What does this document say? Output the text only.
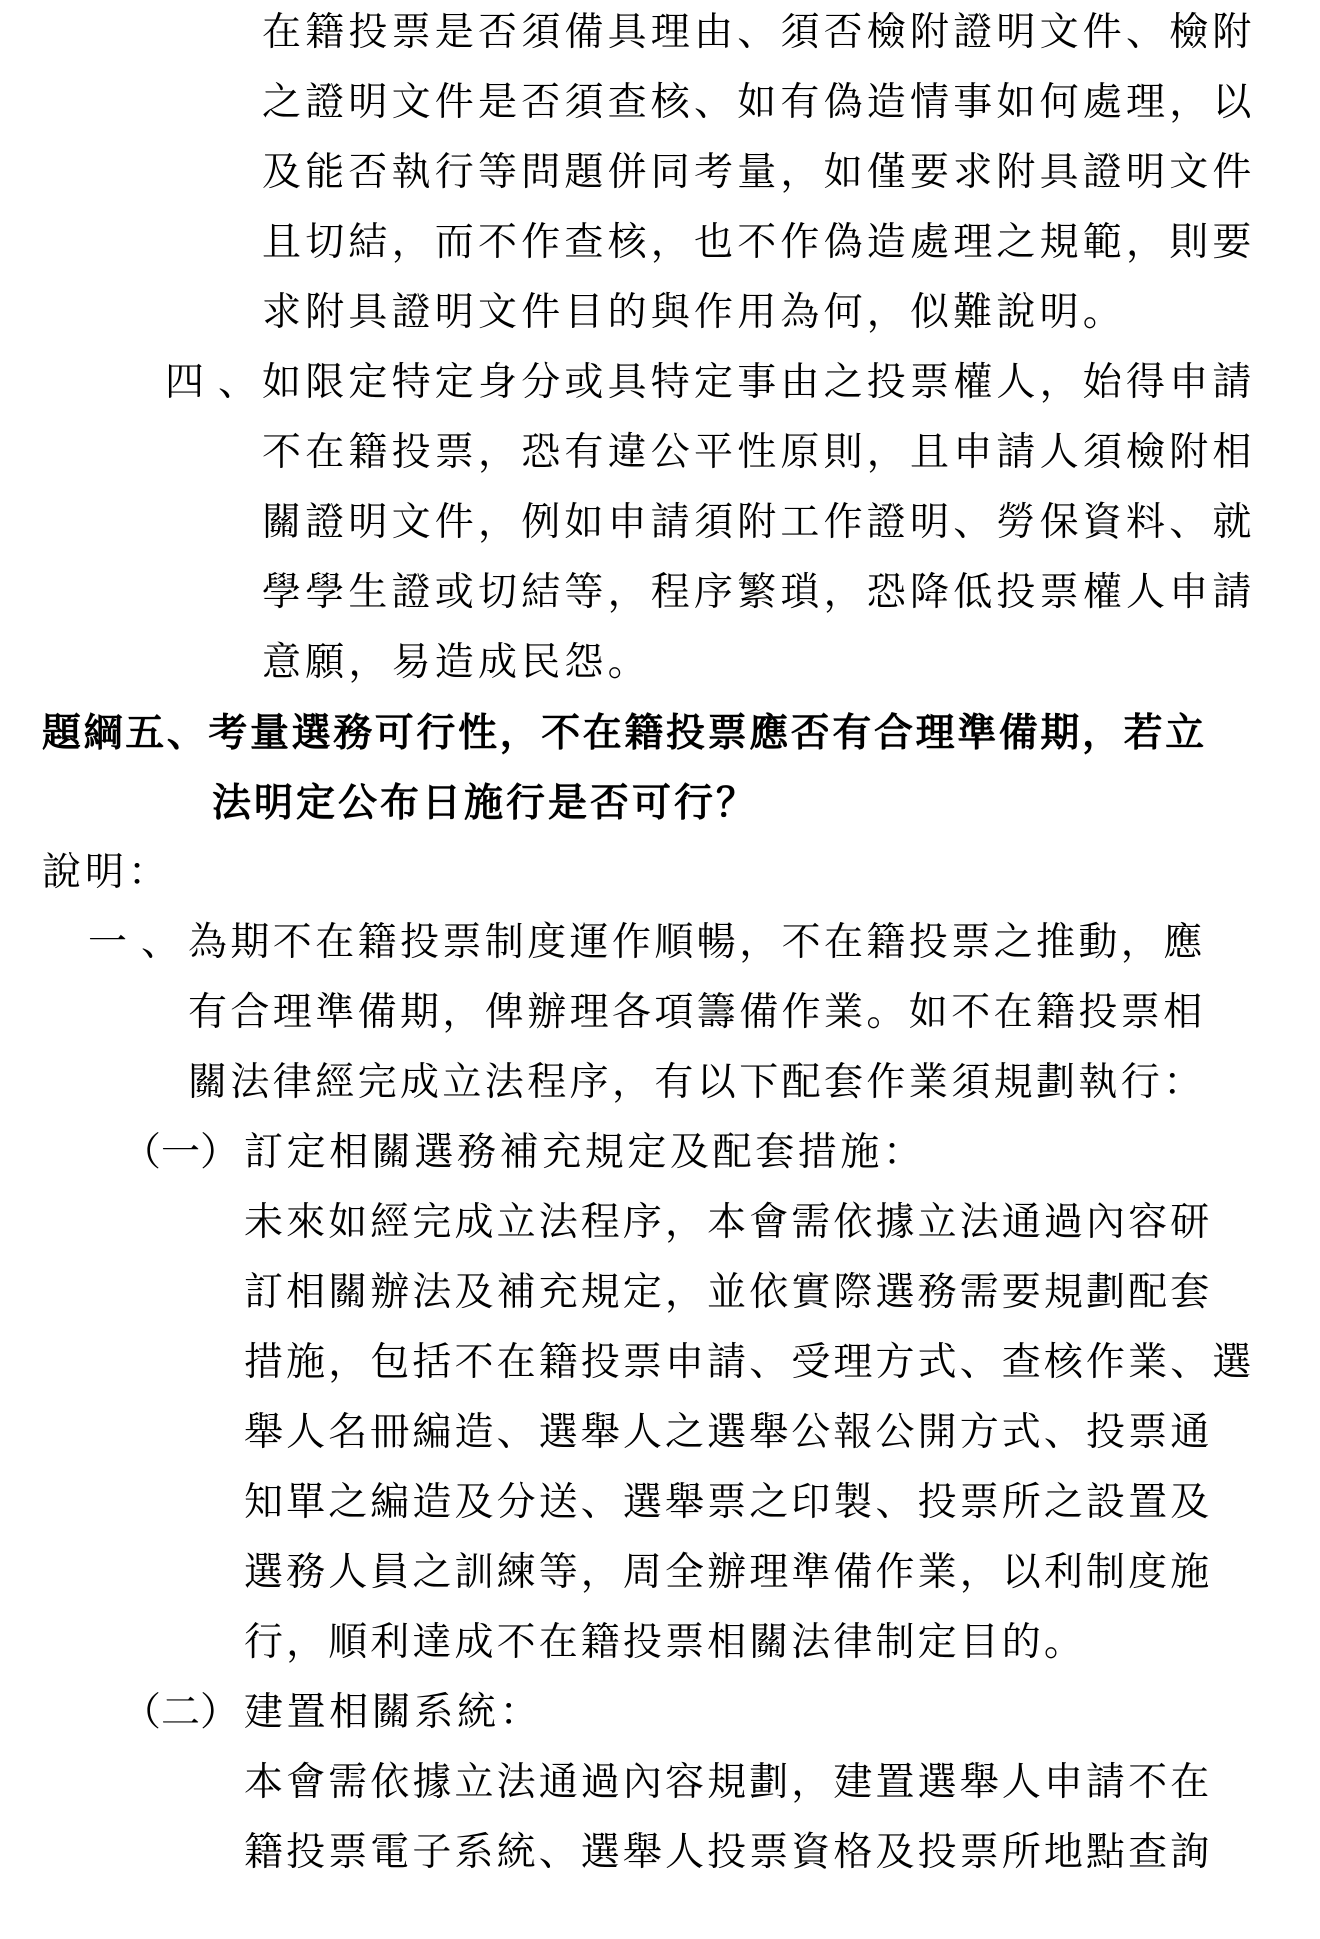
在籍投票是否須備具理由、須否檢附證明文件、檢附
之證明文件是否須查核、如有偽造情事如何處理，以
及能否執行等問題併同考量，如僅要求附具證明文件
且切結，而不作查核，也不作偽造處理之規範，則要
求附具證明文件目的與作用為何，似難說明。
四、
如限定特定身分或具特定事由之投票權人，始得申請
不在籍投票，恐有違公平性原則，且申請人須檢附相
關證明文件，例如申請須附工作證明、勞保資料、就
學學生證或切結等，程序繁瑣，恐降低投票權人申請
意願，易造成民怨。
題綱五、考量選務可行性，不在籍投票應否有合理準備期，若立
法明定公布日施行是否可行？
說明：
一、
為期不在籍投票制度運作順暢，不在籍投票之推動，應
有合理準備期，俾辦理各項籌備作業。如不在籍投票相
關法律經完成立法程序，有以下配套作業須規劃執行：
（一） 訂定相關選務補充規定及配套措施：
未來如經完成立法程序，本會需依據立法通過內容研
訂相關辦法及補充規定，並依實際選務需要規劃配套
措施，包括不在籍投票申請、受理方式、查核作業、選
舉人名冊編造、選舉人之選舉公報公開方式、投票通
知單之編造及分送、選舉票之印製、投票所之設置及
選務人員之訓練等，周全辦理準備作業，以利制度施
行，順利達成不在籍投票相關法律制定目的。
（二） 建置相關系統：
本會需依據立法通過內容規劃，建置選舉人申請不在
籍投票電子系統、選舉人投票資格及投票所地點查詢
